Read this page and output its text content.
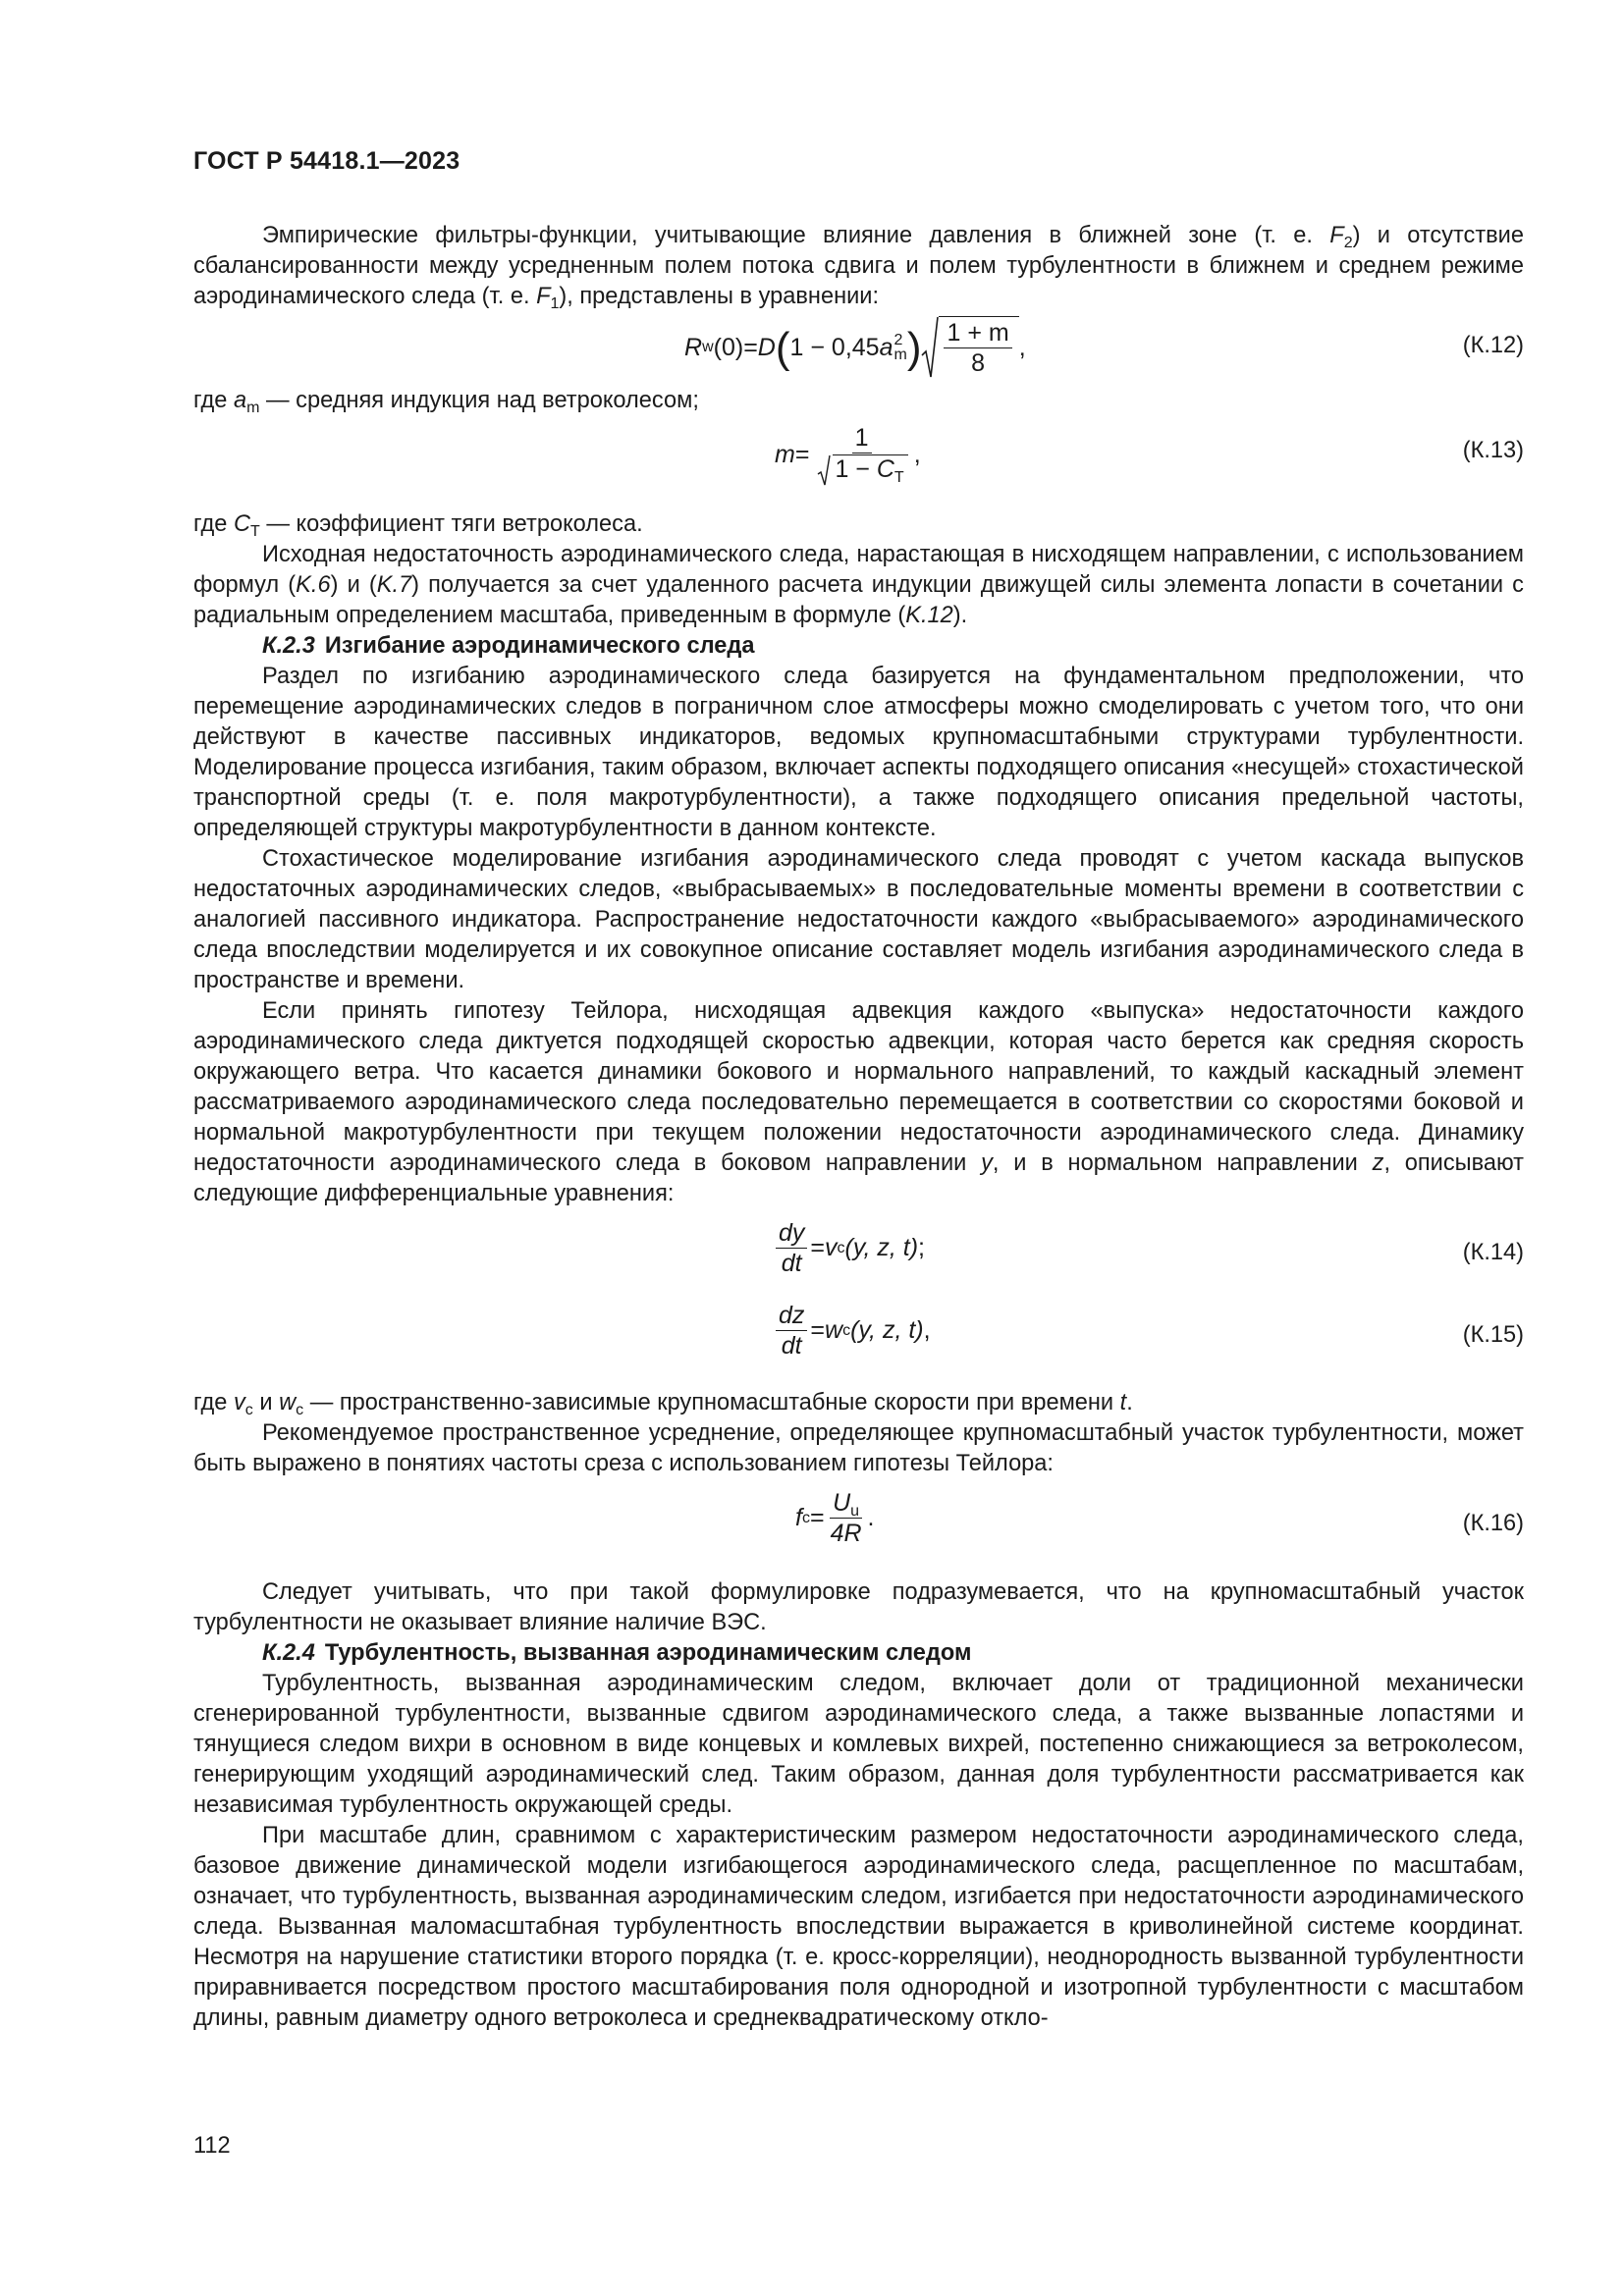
ГОСТ Р 54418.1—2023

Эмпирические фильтры-функции, учитывающие влияние давления в ближней зоне (т. е. $F_2$) и отсутствие сбалансированности между усредненным полем потока сдвига и полем турбулентности в ближнем и среднем режиме аэродинамического следа (т. е. $F_1$), представлены в уравнении:

R w (0) = D ( 1 − 0,45 a 2
m ) $\frac{1 + m}{8}$ ,	(К.12)

где $a_m$ — средняя индукция над ветроколесом;

$m = \frac{1}{1 - C_T}$ ,	(К.13)

где $C_T$ — коэффициент тяги ветроколеса.

Исходная недостаточность аэродинамического следа, нарастающая в нисходящем направлении, с использованием формул (K.6) и (K.7) получается за счет удаленного расчета индукции движущей силы элемента лопасти в сочетании с радиальным определением масштаба, приведенным в формуле (K.12).

К.2.3 Изгибание аэродинамического следа

Раздел по изгибанию аэродинамического следа базируется на фундаментальном предположении, что перемещение аэродинамических следов в пограничном слое атмосферы можно смоделировать с учетом того, что они действуют в качестве пассивных индикаторов, ведомых крупномасштабными структурами турбулентности. Моделирование процесса изгибания, таким образом, включает аспекты подходящего описания «несущей» стохастической транспортной среды (т. е. поля макротурбулентности), а также подходящего описания предельной частоты, определяющей структуры макротурбулентности в данном контексте.

Стохастическое моделирование изгибания аэродинамического следа проводят с учетом каскада выпусков недостаточных аэродинамических следов, «выбрасываемых» в последовательные моменты времени в соответствии с аналогией пассивного индикатора. Распространение недостаточности каждого «выбрасываемого» аэродинамического следа впоследствии моделируется и их совокупное описание составляет модель изгибания аэродинамического следа в пространстве и времени.

Если принять гипотезу Тейлора, нисходящая адвекция каждого «выпуска» недостаточности каждого аэродинамического следа диктуется подходящей скоростью адвекции, которая часто берется как средняя скорость окружающего ветра. Что касается динамики бокового и нормального направлений, то каждый каскадный элемент рассматриваемого аэродинамического следа последовательно перемещается в соответствии со скоростями боковой и нормальной макротурбулентности при текущем положении недостаточности аэродинамического следа. Динамику недостаточности аэродинамического следа в боковом направлении y, и в нормальном направлении z, описывают следующие дифференциальные уравнения:

$\frac{dy}{dt} = v$ c (y, z, t) ;	(К.14)
$\frac{dz}{dt} = w$ c (y, z, t) ,	(К.15)

где $v_c$ и $w_c$ — пространственно-зависимые крупномасштабные скорости при времени t.

Рекомендуемое пространственное усреднение, определяющее крупномасштабный участок турбулентности, может быть выражено в понятиях частоты среза с использованием гипотезы Тейлора:

f $c = \frac{U_u}{4R}$ .	(К.16)

Следует учитывать, что при такой формулировке подразумевается, что на крупномасштабный участок турбулентности не оказывает влияние наличие ВЭС.

К.2.4 Турбулентность, вызванная аэродинамическим следом

Турбулентность, вызванная аэродинамическим следом, включает доли от традиционной механически сгенерированной турбулентности, вызванные сдвигом аэродинамического следа, а также вызванные лопастями и тянущиеся следом вихри в основном в виде концевых и комлевых вихрей, постепенно снижающиеся за ветроколесом, генерирующим уходящий аэродинамический след. Таким образом, данная доля турбулентности рассматривается как независимая турбулентность окружающей среды.

При масштабе длин, сравнимом с характеристическим размером недостаточности аэродинамического следа, базовое движение динамической модели изгибающегося аэродинамического следа, расщепленное по масштабам, означает, что турбулентность, вызванная аэродинамическим следом, изгибается при недостаточности аэродинамического следа. Вызванная маломасштабная турбулентность впоследствии выражается в криволинейной системе координат. Несмотря на нарушение статистики второго порядка (т. е. кросс-корреляции), неоднородность вызванной турбулентности приравнивается посредством простого масштабирования поля однородной и изотропной турбулентности с масштабом длины, равным диаметру одного ветроколеса и среднеквадратическому откло-

112
